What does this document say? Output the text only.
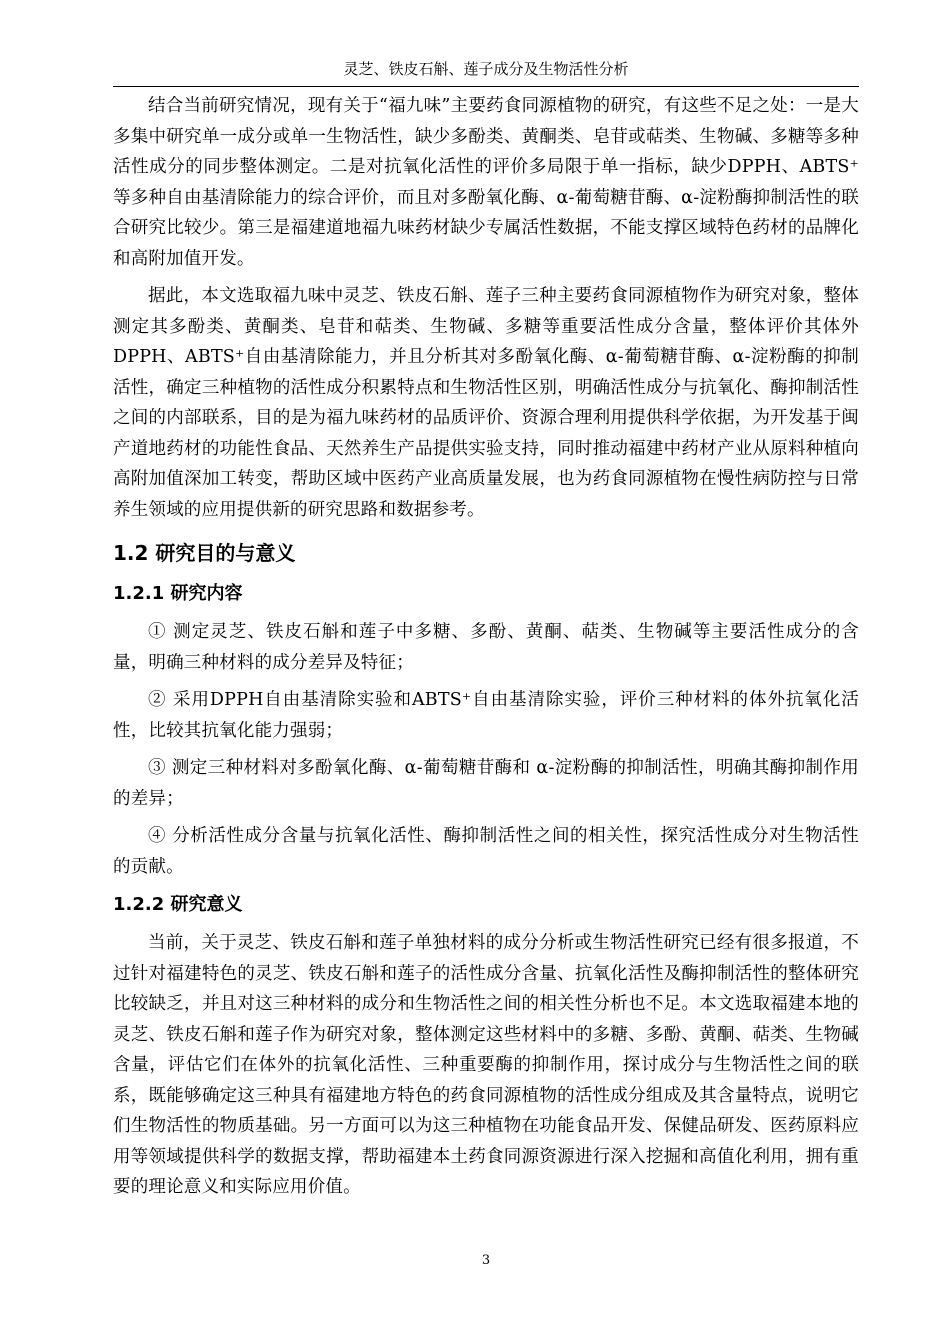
灵芝、铁皮石斛、莲子成分及生物活性分析

结合当前研究情况，现有关于“福九味”主要药食同源植物的研究，有这些不足之处：一是大多集中研究单一成分或单一生物活性，缺少多酚类、黄酮类、皂苷或萜类、生物碱、多糖等多种活性成分的同步整体测定。二是对抗氧化活性的评价多局限于单一指标，缺少DPPH、ABTS⁺ 等多种自由基清除能力的综合评价，而且对多酚氧化酶、α-葡萄糖苷酶、α-淀粉酶抑制活性的联合研究比较少。第三是福建道地福九味药材缺少专属活性数据，不能支撑区域特色药材的品牌化和高附加值开发。

据此，本文选取福九味中灵芝、铁皮石斛、莲子三种主要药食同源植物作为研究对象，整体测定其多酚类、黄酮类、皂苷和萜类、生物碱、多糖等重要活性成分含量，整体评价其体外DPPH、ABTS⁺自由基清除能力，并且分析其对多酚氧化酶、α-葡萄糖苷酶、α-淀粉酶的抑制活性，确定三种植物的活性成分积累特点和生物活性区别，明确活性成分与抗氧化、酶抑制活性之间的内部联系，目的是为福九味药材的品质评价、资源合理利用提供科学依据，为开发基于闽产道地药材的功能性食品、天然养生产品提供实验支持，同时推动福建中药材产业从原料种植向高附加值深加工转变，帮助区域中医药产业高质量发展，也为药食同源植物在慢性病防控与日常养生领域的应用提供新的研究思路和数据参考。

1.2 研究目的与意义
1.2.1 研究内容

① 测定灵芝、铁皮石斛和莲子中多糖、多酚、黄酮、萜类、生物碱等主要活性成分的含量，明确三种材料的成分差异及特征；

② 采用DPPH自由基清除实验和ABTS⁺自由基清除实验，评价三种材料的体外抗氧化活性，比较其抗氧化能力强弱；

③ 测定三种材料对多酚氧化酶、α-葡萄糖苷酶和 α-淀粉酶的抑制活性，明确其酶抑制作用的差异；

④ 分析活性成分含量与抗氧化活性、酶抑制活性之间的相关性，探究活性成分对生物活性的贡献。

1.2.2 研究意义

当前，关于灵芝、铁皮石斛和莲子单独材料的成分分析或生物活性研究已经有很多报道，不过针对福建特色的灵芝、铁皮石斛和莲子的活性成分含量、抗氧化活性及酶抑制活性的整体研究比较缺乏，并且对这三种材料的成分和生物活性之间的相关性分析也不足。本文选取福建本地的灵芝、铁皮石斛和莲子作为研究对象，整体测定这些材料中的多糖、多酚、黄酮、萜类、生物碱含量，评估它们在体外的抗氧化活性、三种重要酶的抑制作用，探讨成分与生物活性之间的联系，既能够确定这三种具有福建地方特色的药食同源植物的活性成分组成及其含量特点，说明它们生物活性的物质基础。另一方面可以为这三种植物在功能食品开发、保健品研发、医药原料应用等领域提供科学的数据支撑，帮助福建本土药食同源资源进行深入挖掘和高值化利用，拥有重要的理论意义和实际应用价值。

3
